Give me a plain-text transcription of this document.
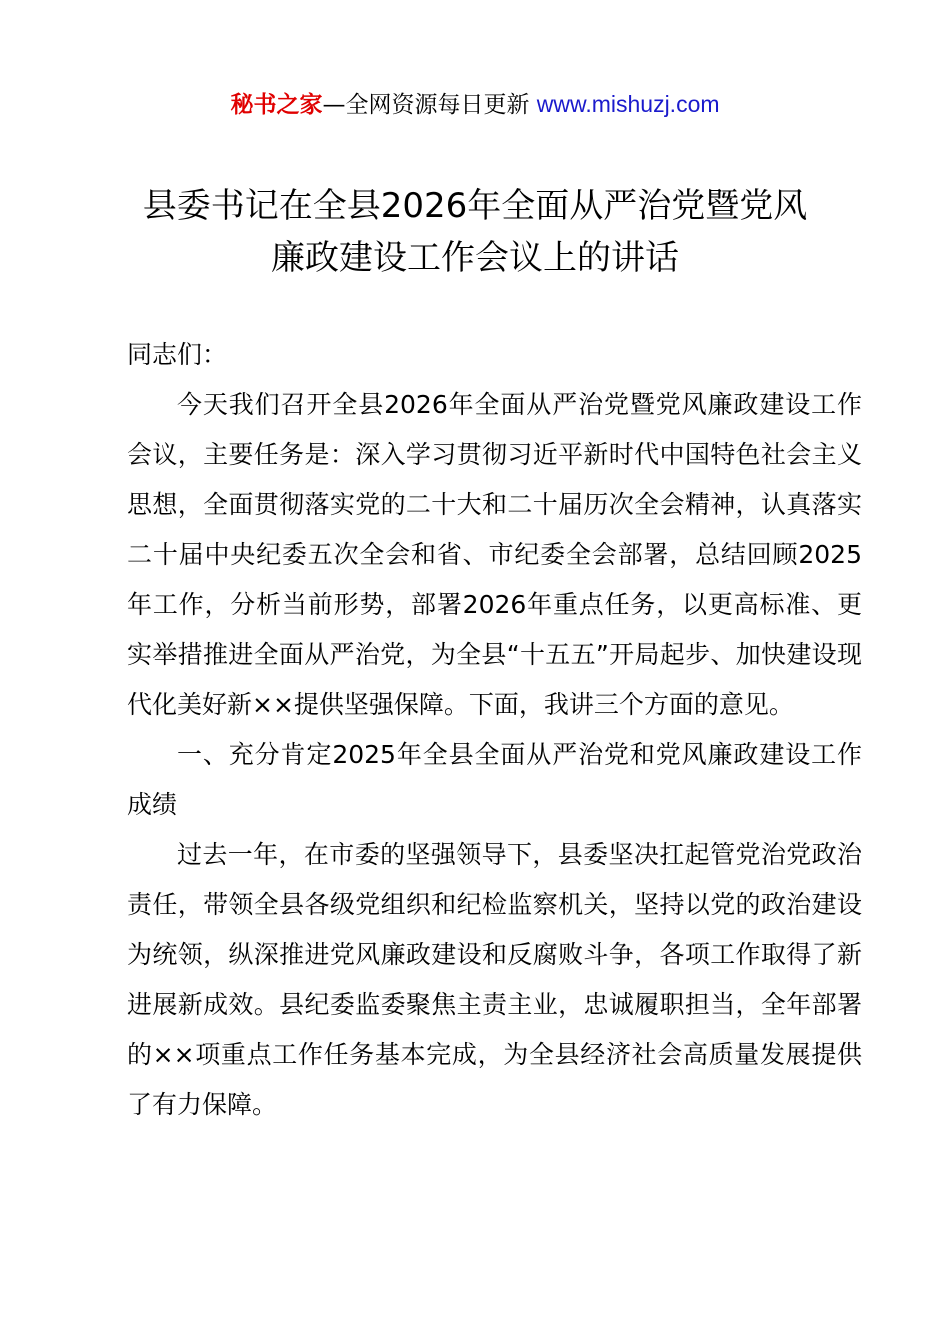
秘书之家—全网资源每日更新 www.mishuzj.com
县委书记在全县2026年全面从严治党暨党风
廉政建设工作会议上的讲话

同志们：

今天我们召开全县2026年全面从严治党暨党风廉政建设工作会议，主要任务是：深入学习贯彻习近平新时代中国特色社会主义思想，全面贯彻落实党的二十大和二十届历次全会精神，认真落实二十届中央纪委五次全会和省、市纪委全会部署，总结回顾2025年工作，分析当前形势，部署2026年重点任务，以更高标准、更实举措推进全面从严治党，为全县“十五五”开局起步、加快建设现代化美好新××提供坚强保障。下面，我讲三个方面的意见。

一、充分肯定2025年全县全面从严治党和党风廉政建设工作成绩

过去一年，在市委的坚强领导下，县委坚决扛起管党治党政治责任，带领全县各级党组织和纪检监察机关，坚持以党的政治建设为统领，纵深推进党风廉政建设和反腐败斗争，各项工作取得了新进展新成效。县纪委监委聚焦主责主业，忠诚履职担当，全年部署的××项重点工作任务基本完成，为全县经济社会高质量发展提供了有力保障。
